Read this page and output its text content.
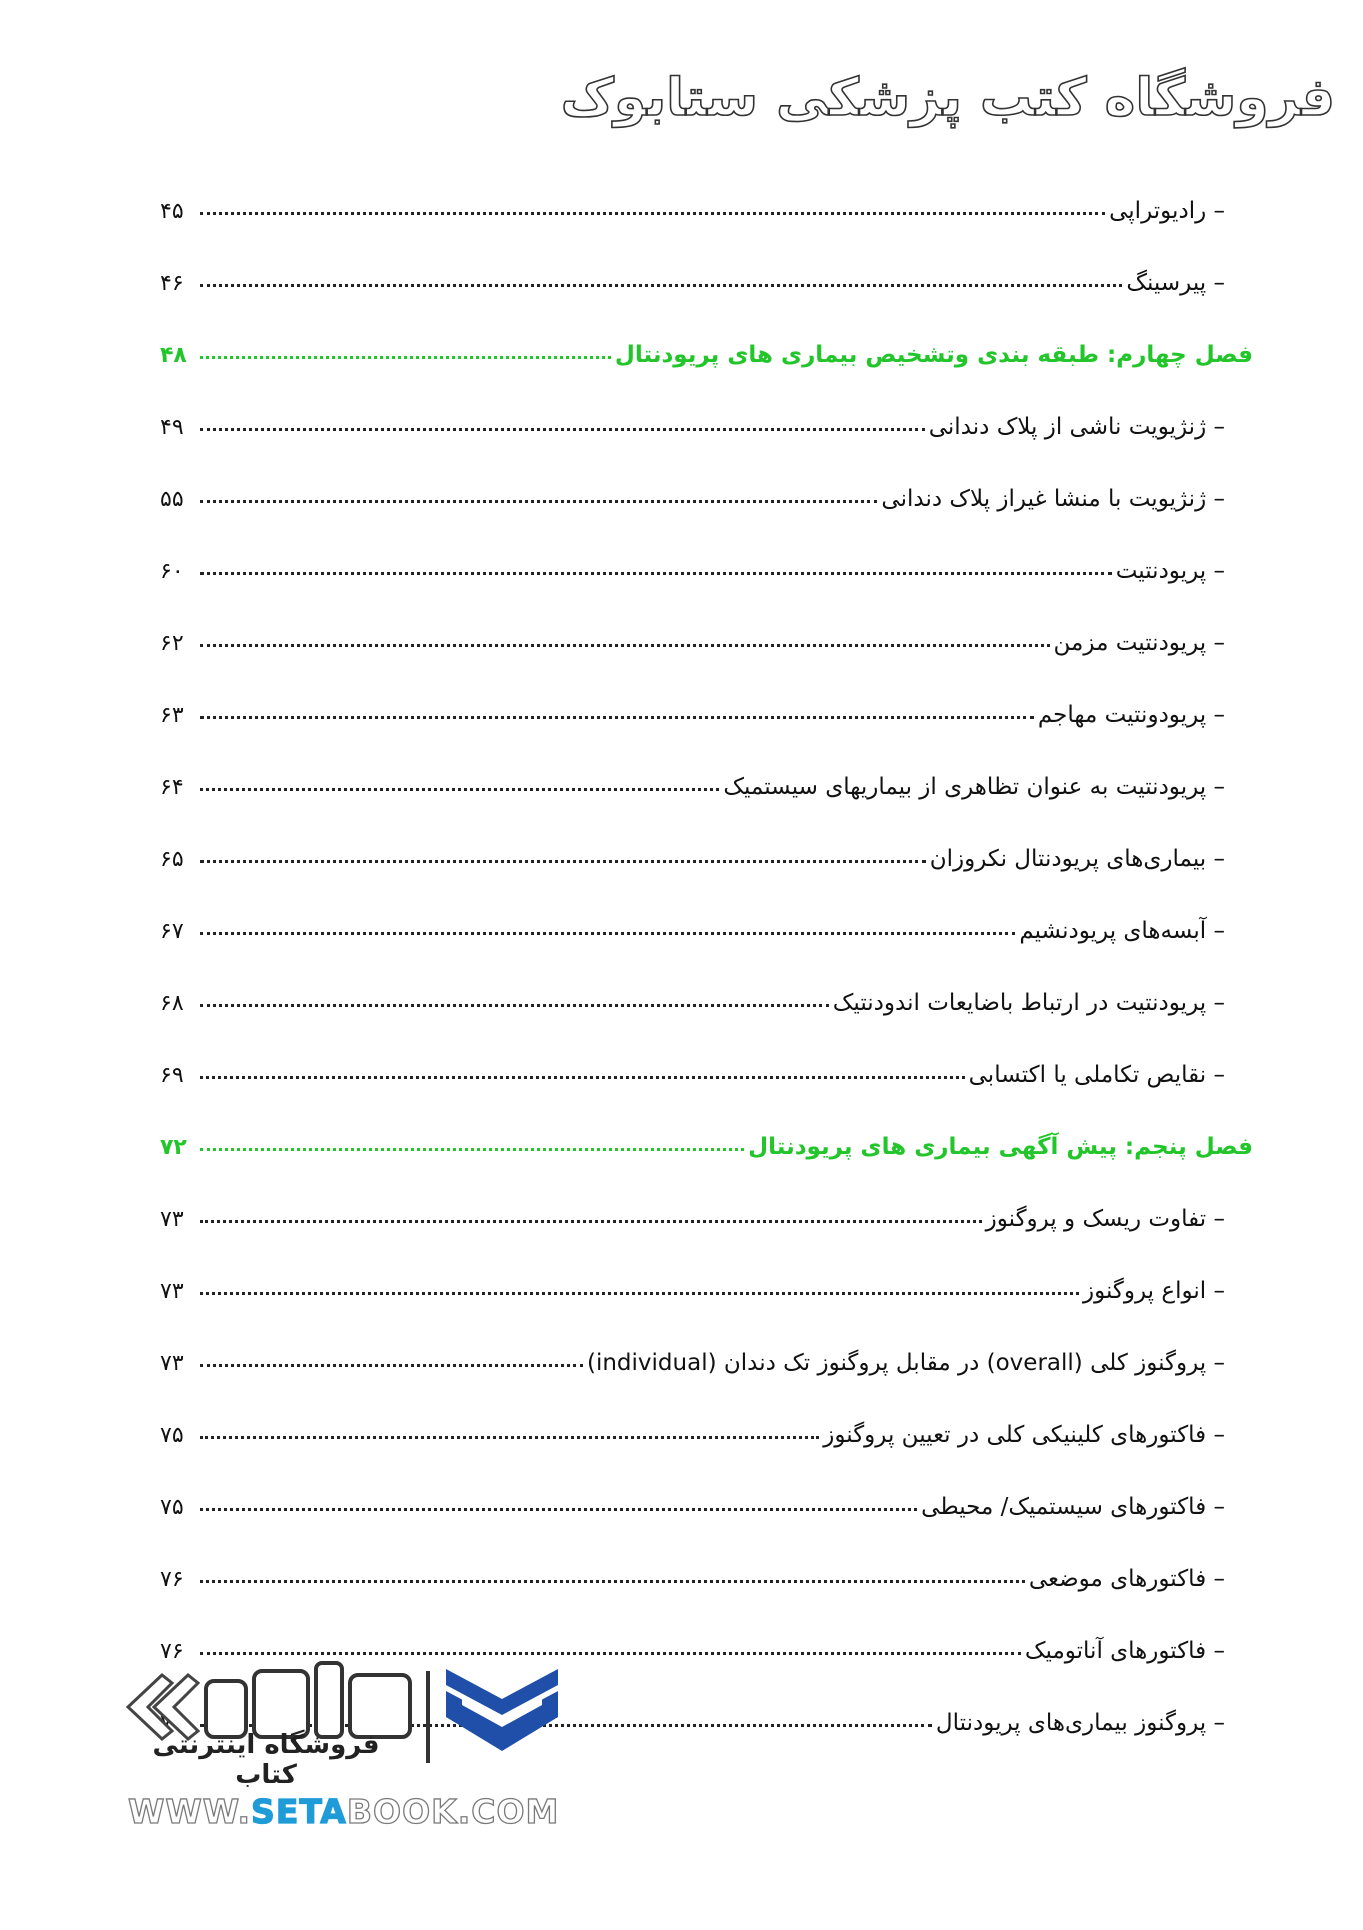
فروشگاه کتب پزشکی ستابوک
– رادیوتراپی
۴۵
– پیرسینگ
۴۶
فصل چهارم: طبقه بندی وتشخیص بیماری های پریودنتال
۴۸
– ژنژیویت ناشی از پلاک دندانی
۴۹
– ژنژیویت با منشا غیراز پلاک دندانی
۵۵
– پریودنتیت
۶۰
– پریودنتیت مزمن
۶۲
– پریودونتیت مهاجم
۶۳
– پریودنتیت به عنوان تظاهری از بیماریهای سیستمیک
۶۴
– بیماری‌های پریودنتال نکروزان
۶۵
– آبسه‌های پریودنشیم
۶۷
– پریودنتیت در ارتباط باضایعات اندودنتیک
۶۸
– نقایص تکاملی یا اکتسابی
۶۹
فصل پنجم: پیش آگهی بیماری های پریودنتال
۷۲
– تفاوت ریسک و پروگنوز
۷۳
– انواع پروگنوز
۷۳
– پروگنوز کلی (overall) در مقابل پروگنوز تک دندان (individual)
۷۳
– فاکتورهای کلینیکی کلی در تعیین پروگنوز
۷۵
– فاکتورهای سیستمیک/ محیطی
۷۵
– فاکتورهای موضعی
۷۶
– فاکتورهای آناتومیک
۷۶
– پروگنوز بیماری‌های پریودنتال
فروشگاه اینترنتی کتاب
WWW.SETABOOK.COM
